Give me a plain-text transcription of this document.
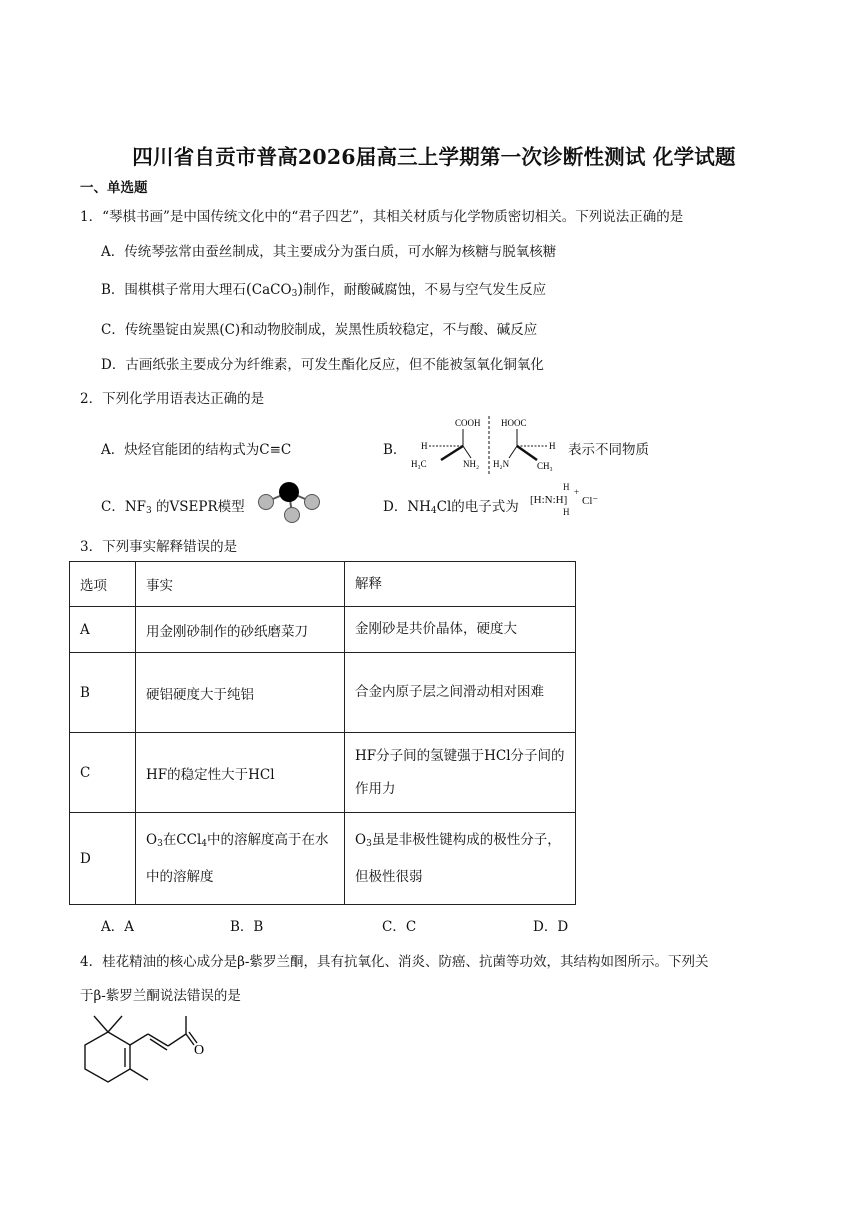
四川省自贡市普高2026届高三上学期第一次诊断性测试 化学试题
一、单选题
1．“琴棋书画”是中国传统文化中的“君子四艺”，其相关材质与化学物质密切相关。下列说法正确的是
A．传统琴弦常由蚕丝制成，其主要成分为蛋白质，可水解为核糖与脱氧核糖
B．围棋棋子常用大理石(CaCO$_3$)制作，耐酸碱腐蚀，不易与空气发生反应
C．传统墨锭由炭黑(C)和动物胶制成，炭黑性质较稳定，不与酸、碱反应
D．古画纸张主要成分为纤维素，可发生酯化反应，但不能被氢氧化铜氧化
2．下列化学用语表达正确的是
A．炔烃官能团的结构式为C≡C	B．
COOH
H
H₃C	NH₂
HOOC
H
CH₃
H₂N
表示不同物质
C．$NF_3$ 的VSEPR模型	D．$NH_4Cl$的电子式为
H
[H:N:H]
+
Cl⁻
H
3．下列事实解释错误的是
选项	事实	解释
A	用金刚砂制作的砂纸磨菜刀	金刚砂是共价晶体，硬度大
B	硬铝硬度大于纯铝	合金内原子层之间滑动相对困难
C	HF的稳定性大于HCl	HF分子间的氢键强于HCl分子间的作用力
D	$O_3$在CCl$_4$中的溶解度高于在水中的溶解度	$O_3$虽是非极性键构成的极性分子，但极性很弱
A．A	B．B	C．C	D．D
4．桂花精油的核心成分是β-紫罗兰酮，具有抗氧化、消炎、防癌、抗菌等功效，其结构如图所示。下列关
于β-紫罗兰酮说法错误的是
O
